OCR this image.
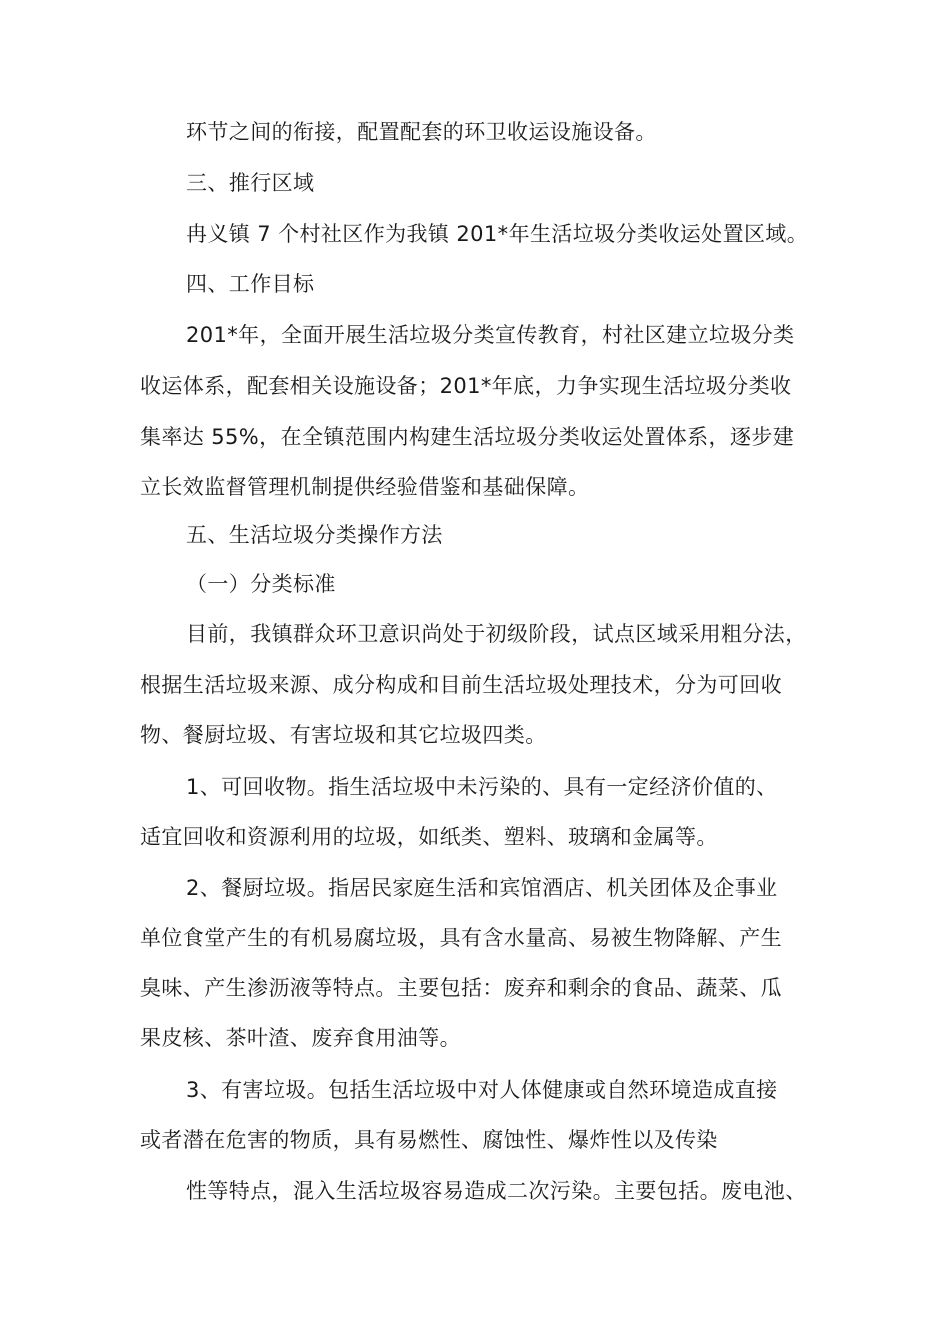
环节之间的衔接，配置配套的环卫收运设施设备。
三、推行区域
冉义镇 7 个村社区作为我镇 201*年生活垃圾分类收运处置区域。
四、工作目标
201*年，全面开展生活垃圾分类宣传教育，村社区建立垃圾分类
收运体系，配套相关设施设备；201*年底，力争实现生活垃圾分类收
集率达 55%，在全镇范围内构建生活垃圾分类收运处置体系，逐步建
立长效监督管理机制提供经验借鉴和基础保障。
五、生活垃圾分类操作方法
（一）分类标准
目前，我镇群众环卫意识尚处于初级阶段，试点区域采用粗分法，
根据生活垃圾来源、成分构成和目前生活垃圾处理技术，分为可回收
物、餐厨垃圾、有害垃圾和其它垃圾四类。
1、可回收物。指生活垃圾中未污染的、具有一定经济价值的、
适宜回收和资源利用的垃圾，如纸类、塑料、玻璃和金属等。
2、餐厨垃圾。指居民家庭生活和宾馆酒店、机关团体及企事业
单位食堂产生的有机易腐垃圾，具有含水量高、易被生物降解、产生
臭味、产生渗沥液等特点。主要包括：废弃和剩余的食品、蔬菜、瓜
果皮核、茶叶渣、废弃食用油等。
3、有害垃圾。包括生活垃圾中对人体健康或自然环境造成直接
或者潜在危害的物质，具有易燃性、腐蚀性、爆炸性以及传染
性等特点，混入生活垃圾容易造成二次污染。主要包括。废电池、
